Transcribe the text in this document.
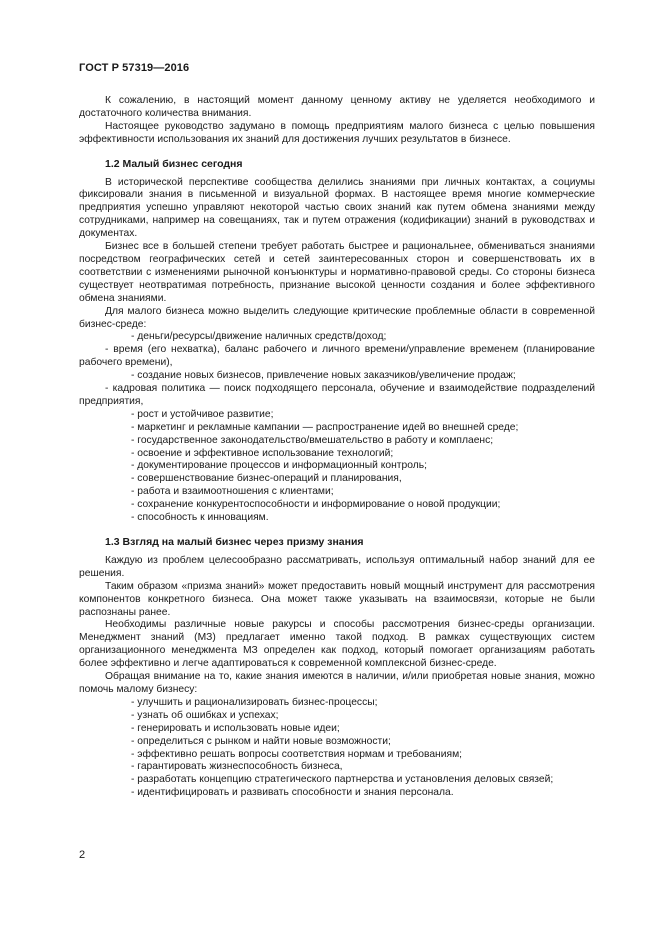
ГОСТ Р 57319—2016

К сожалению, в настоящий момент данному ценному активу не уделяется необходимого и достаточного количества внимания.

Настоящее руководство задумано в помощь предприятиям малого бизнеса с целью повышения эффективности использования их знаний для достижения лучших результатов в бизнесе.

1.2 Малый бизнес сегодня

В исторической перспективе сообщества делились знаниями при личных контактах, а социумы фиксировали знания в письменной и визуальной формах. В настоящее время многие коммерческие предприятия успешно управляют некоторой частью своих знаний как путем обмена знаниями между сотрудниками, например на совещаниях, так и путем отражения (кодификации) знаний в руководствах и документах.

Бизнес все в большей степени требует работать быстрее и рациональнее, обмениваться знаниями посредством географических сетей и сетей заинтересованных сторон и совершенствовать их в соответствии с изменениями рыночной конъюнктуры и нормативно-правовой среды. Со стороны бизнеса существует неотвратимая потребность, признание высокой ценности создания и более эффективного обмена знаниями.

Для малого бизнеса можно выделить следующие критические проблемные области в современной бизнес-среде:

- деньги/ресурсы/движение наличных средств/доход;

- время (его нехватка), баланс рабочего и личного времени/управление временем (планирование рабочего времени),

- создание новых бизнесов, привлечение новых заказчиков/увеличение продаж;

- кадровая политика — поиск подходящего персонала, обучение и взаимодействие подразделений предприятия,

- рост и устойчивое развитие;

- маркетинг и рекламные кампании — распространение идей во внешней среде;

- государственное законодательство/вмешательство в работу и комплаенс;

- освоение и эффективное использование технологий;

- документирование процессов и информационный контроль;

- совершенствование бизнес-операций и планирования,

- работа и взаимоотношения с клиентами;

- сохранение конкурентоспособности и информирование о новой продукции;

- способность к инновациям.

1.3 Взгляд на малый бизнес через призму знания

Каждую из проблем целесообразно рассматривать, используя оптимальный набор знаний для ее решения.

Таким образом «призма знаний» может предоставить новый мощный инструмент для рассмотрения компонентов конкретного бизнеса. Она может также указывать на взаимосвязи, которые не были распознаны ранее.

Необходимы различные новые ракурсы и способы рассмотрения бизнес-среды организации. Менеджмент знаний (МЗ) предлагает именно такой подход. В рамках существующих систем организационного менеджмента МЗ определен как подход, который помогает организациям работать более эффективно и легче адаптироваться к современной комплексной бизнес-среде.

Обращая внимание на то, какие знания имеются в наличии, и/или приобретая новые знания, можно помочь малому бизнесу:

- улучшить и рационализировать бизнес-процессы;

- узнать об ошибках и успехах;

- генерировать и использовать новые идеи;

- определиться с рынком и найти новые возможности;

- эффективно решать вопросы соответствия нормам и требованиям;

- гарантировать жизнеспособность бизнеса,

- разработать концепцию стратегического партнерства и установления деловых связей;

- идентифицировать и развивать способности и знания персонала.

2
